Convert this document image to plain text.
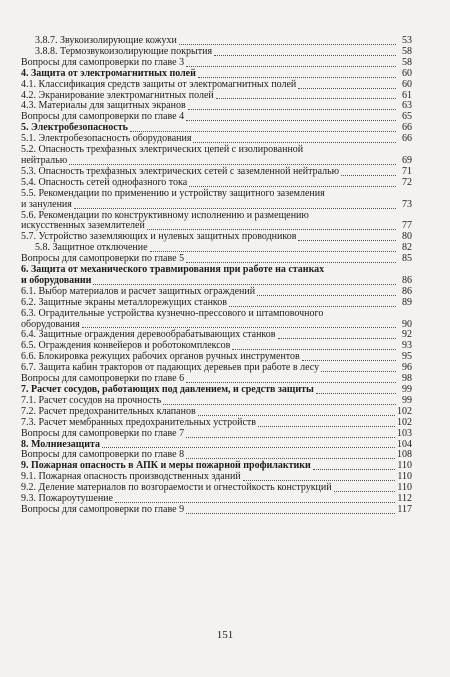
3.8.7. Звукоизолирующие кожухи	53
3.8.8. Термозвукоизолирующие покрытия	58
Вопросы для самопроверки по главе 3	58
4. Защита от электромагнитных полей	60
4.1. Классификация средств защиты от электромагнитных полей	60
4.2. Экранирование электромагнитных полей	61
4.3. Материалы для защитных экранов	63
Вопросы для самопроверки по главе 4	65
5. Электробезопасность	66
5.1. Электробезопасность оборудования	66
5.2. Опасность трехфазных электрических цепей с изолированной
нейтралью	69
5.3. Опасность трехфазных электрических сетей с заземленной нейтралью	71
5.4. Опасность сетей однофазного тока	72
5.5. Рекомендации по применению и устройству защитного заземления
и зануления	73
5.6. Рекомендации по конструктивному исполнению и размещению
искусственных заземлителей	77
5.7. Устройство заземляющих и нулевых защитных проводников	80
5.8. Защитное отключение	82
Вопросы для самопроверки по главе 5	85
6. Защита от механического травмирования при работе на станках
и оборудовании	86
6.1. Выбор материалов и расчет защитных ограждений	86
6.2. Защитные экраны металлорежущих станков	89
6.3. Оградительные устройства кузнечно-прессового и штамповочного
оборудования	90
6.4. Защитные ограждения деревообрабатывающих станков	92
6.5. Ограждения конвейеров и роботокомплексов	93
6.6. Блокировка режущих рабочих органов ручных инструментов	95
6.7. Защита кабин тракторов от падающих деревьев при работе в лесу	96
Вопросы для самопроверки по главе 6	98
7. Расчет сосудов, работающих под давлением, и средств защиты	99
7.1. Расчет сосудов на прочность	99
7.2. Расчет предохранительных клапанов	102
7.3. Расчет мембранных предохранительных устройств	102
Вопросы для самопроверки по главе 7	103
8. Молниезащита	104
Вопросы для самопроверки по главе 8	108
9. Пожарная опасность в АПК и меры пожарной профилактики	110
9.1. Пожарная опасность производственных зданий	110
9.2. Деление материалов по возгораемости и огнестойкость конструкций	110
9.3. Пожароутушение	112
Вопросы для самопроверки по главе 9	117
151
